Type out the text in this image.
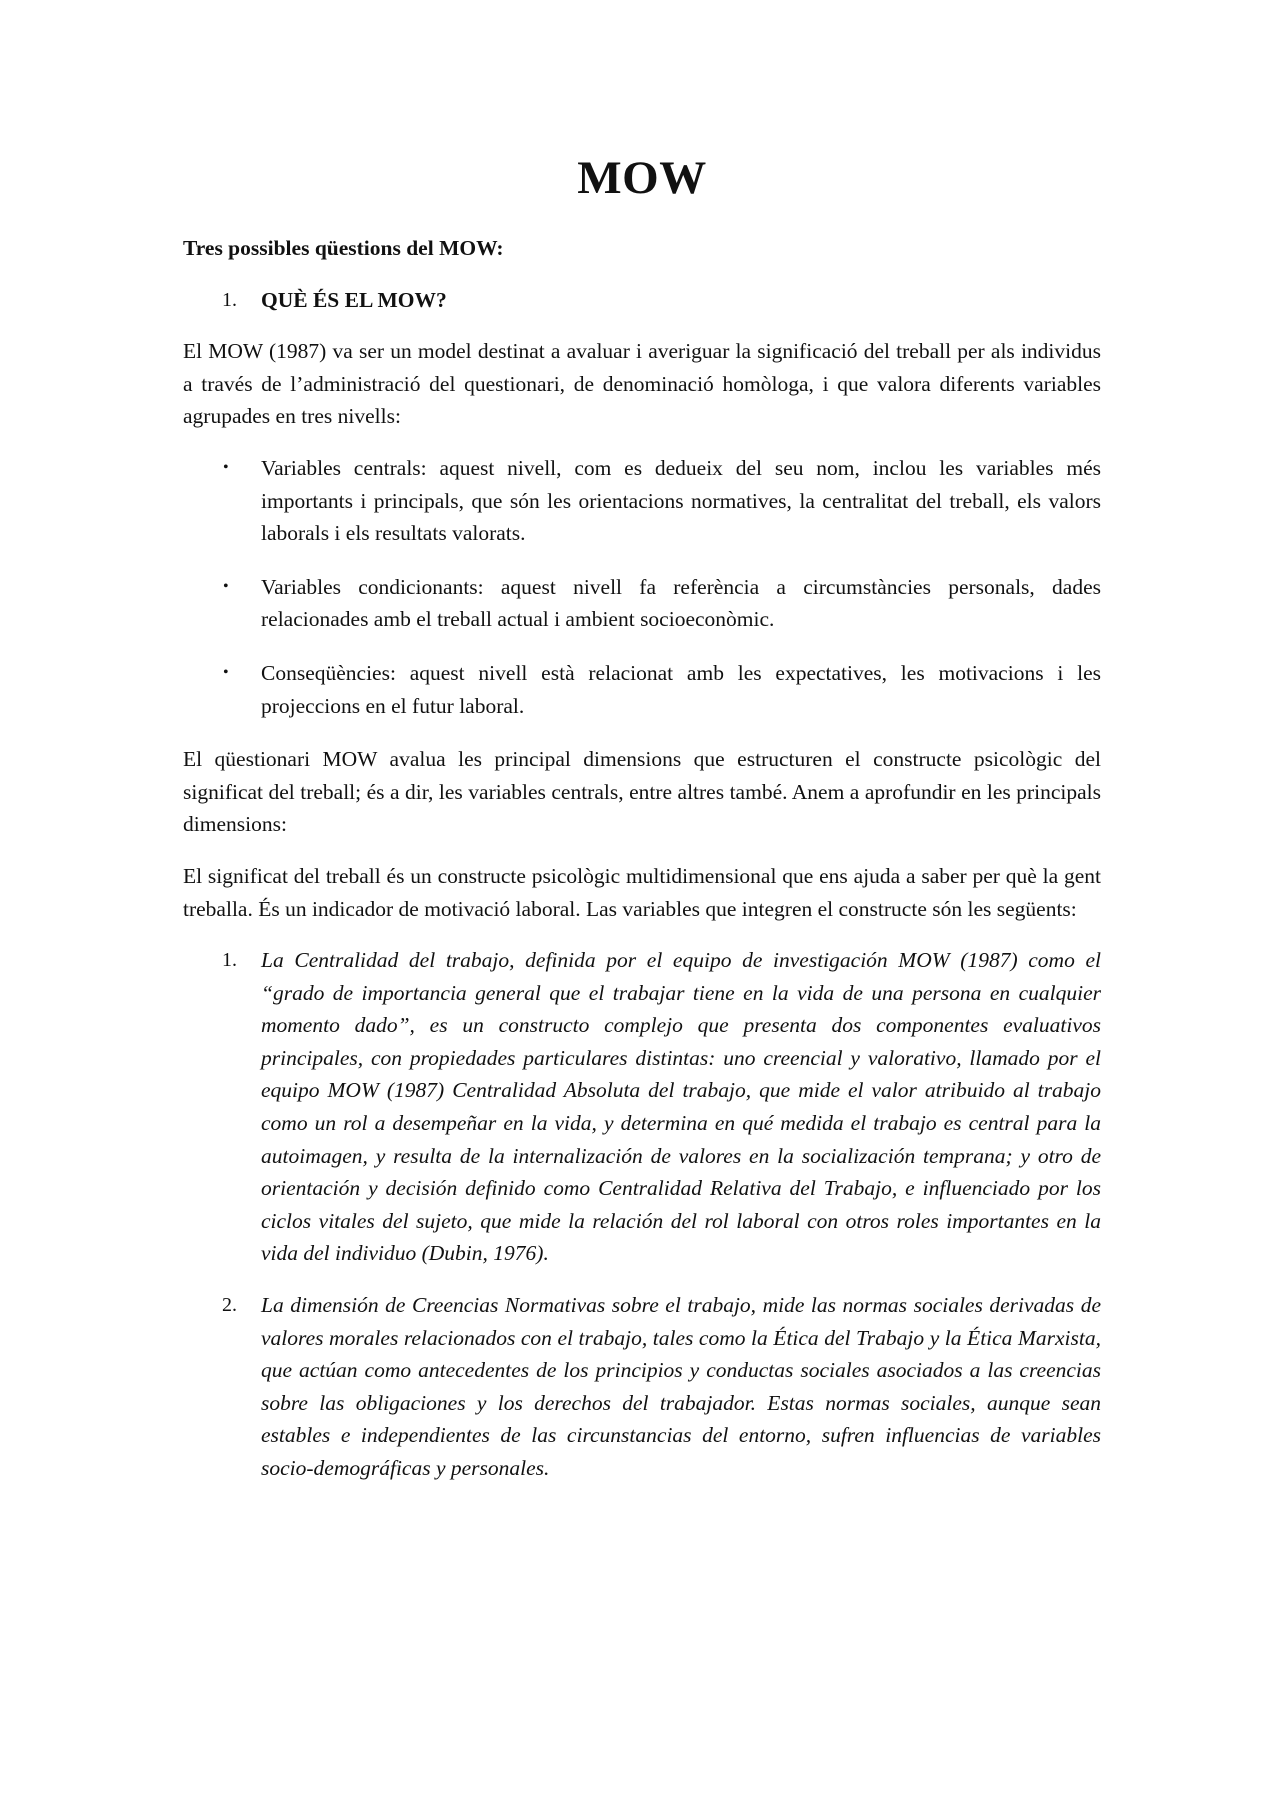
MOW

Tres possibles qüestions del MOW:

1. QUÈ ÉS EL MOW?

El MOW (1987) va ser un model destinat a avaluar i averiguar la significació del treball per als individus a través de l’administració del questionari, de denominació homòloga, i que valora diferents variables agrupades en tres nivells:

• Variables centrals: aquest nivell, com es dedueix del seu nom, inclou les variables més importants i principals, que són les orientacions normatives, la centralitat del treball, els valors laborals i els resultats valorats.
• Variables condicionants: aquest nivell fa referència a circumstàncies personals, dades relacionades amb el treball actual i ambient socioeconòmic.
• Conseqüències: aquest nivell està relacionat amb les expectatives, les motivacions i les projeccions en el futur laboral.

El qüestionari MOW avalua les principal dimensions que estructuren el constructe psicològic del significat del treball; és a dir, les variables centrals, entre altres també. Anem a aprofundir en les principals dimensions:

El significat del treball és un constructe psicològic multidimensional que ens ajuda a saber per què la gent treballa. És un indicador de motivació laboral. Las variables que integren el constructe són les següents:

1. La Centralidad del trabajo, definida por el equipo de investigación MOW (1987) como el “grado de importancia general que el trabajar tiene en la vida de una persona en cualquier momento dado”, es un constructo complejo que presenta dos componentes evaluativos principales, con propiedades particulares distintas: uno creencial y valorativo, llamado por el equipo MOW (1987) Centralidad Absoluta del trabajo, que mide el valor atribuido al trabajo como un rol a desempeñar en la vida, y determina en qué medida el trabajo es central para la autoimagen, y resulta de la internalización de valores en la socialización temprana; y otro de orientación y decisión definido como Centralidad Relativa del Trabajo, e influenciado por los ciclos vitales del sujeto, que mide la relación del rol laboral con otros roles importantes en la vida del individuo (Dubin, 1976).
2. La dimensión de Creencias Normativas sobre el trabajo, mide las normas sociales derivadas de valores morales relacionados con el trabajo, tales como la Ética del Trabajo y la Ética Marxista, que actúan como antecedentes de los principios y conductas sociales asociados a las creencias sobre las obligaciones y los derechos del trabajador. Estas normas sociales, aunque sean estables e independientes de las circunstancias del entorno, sufren influencias de variables socio-demográficas y personales.
